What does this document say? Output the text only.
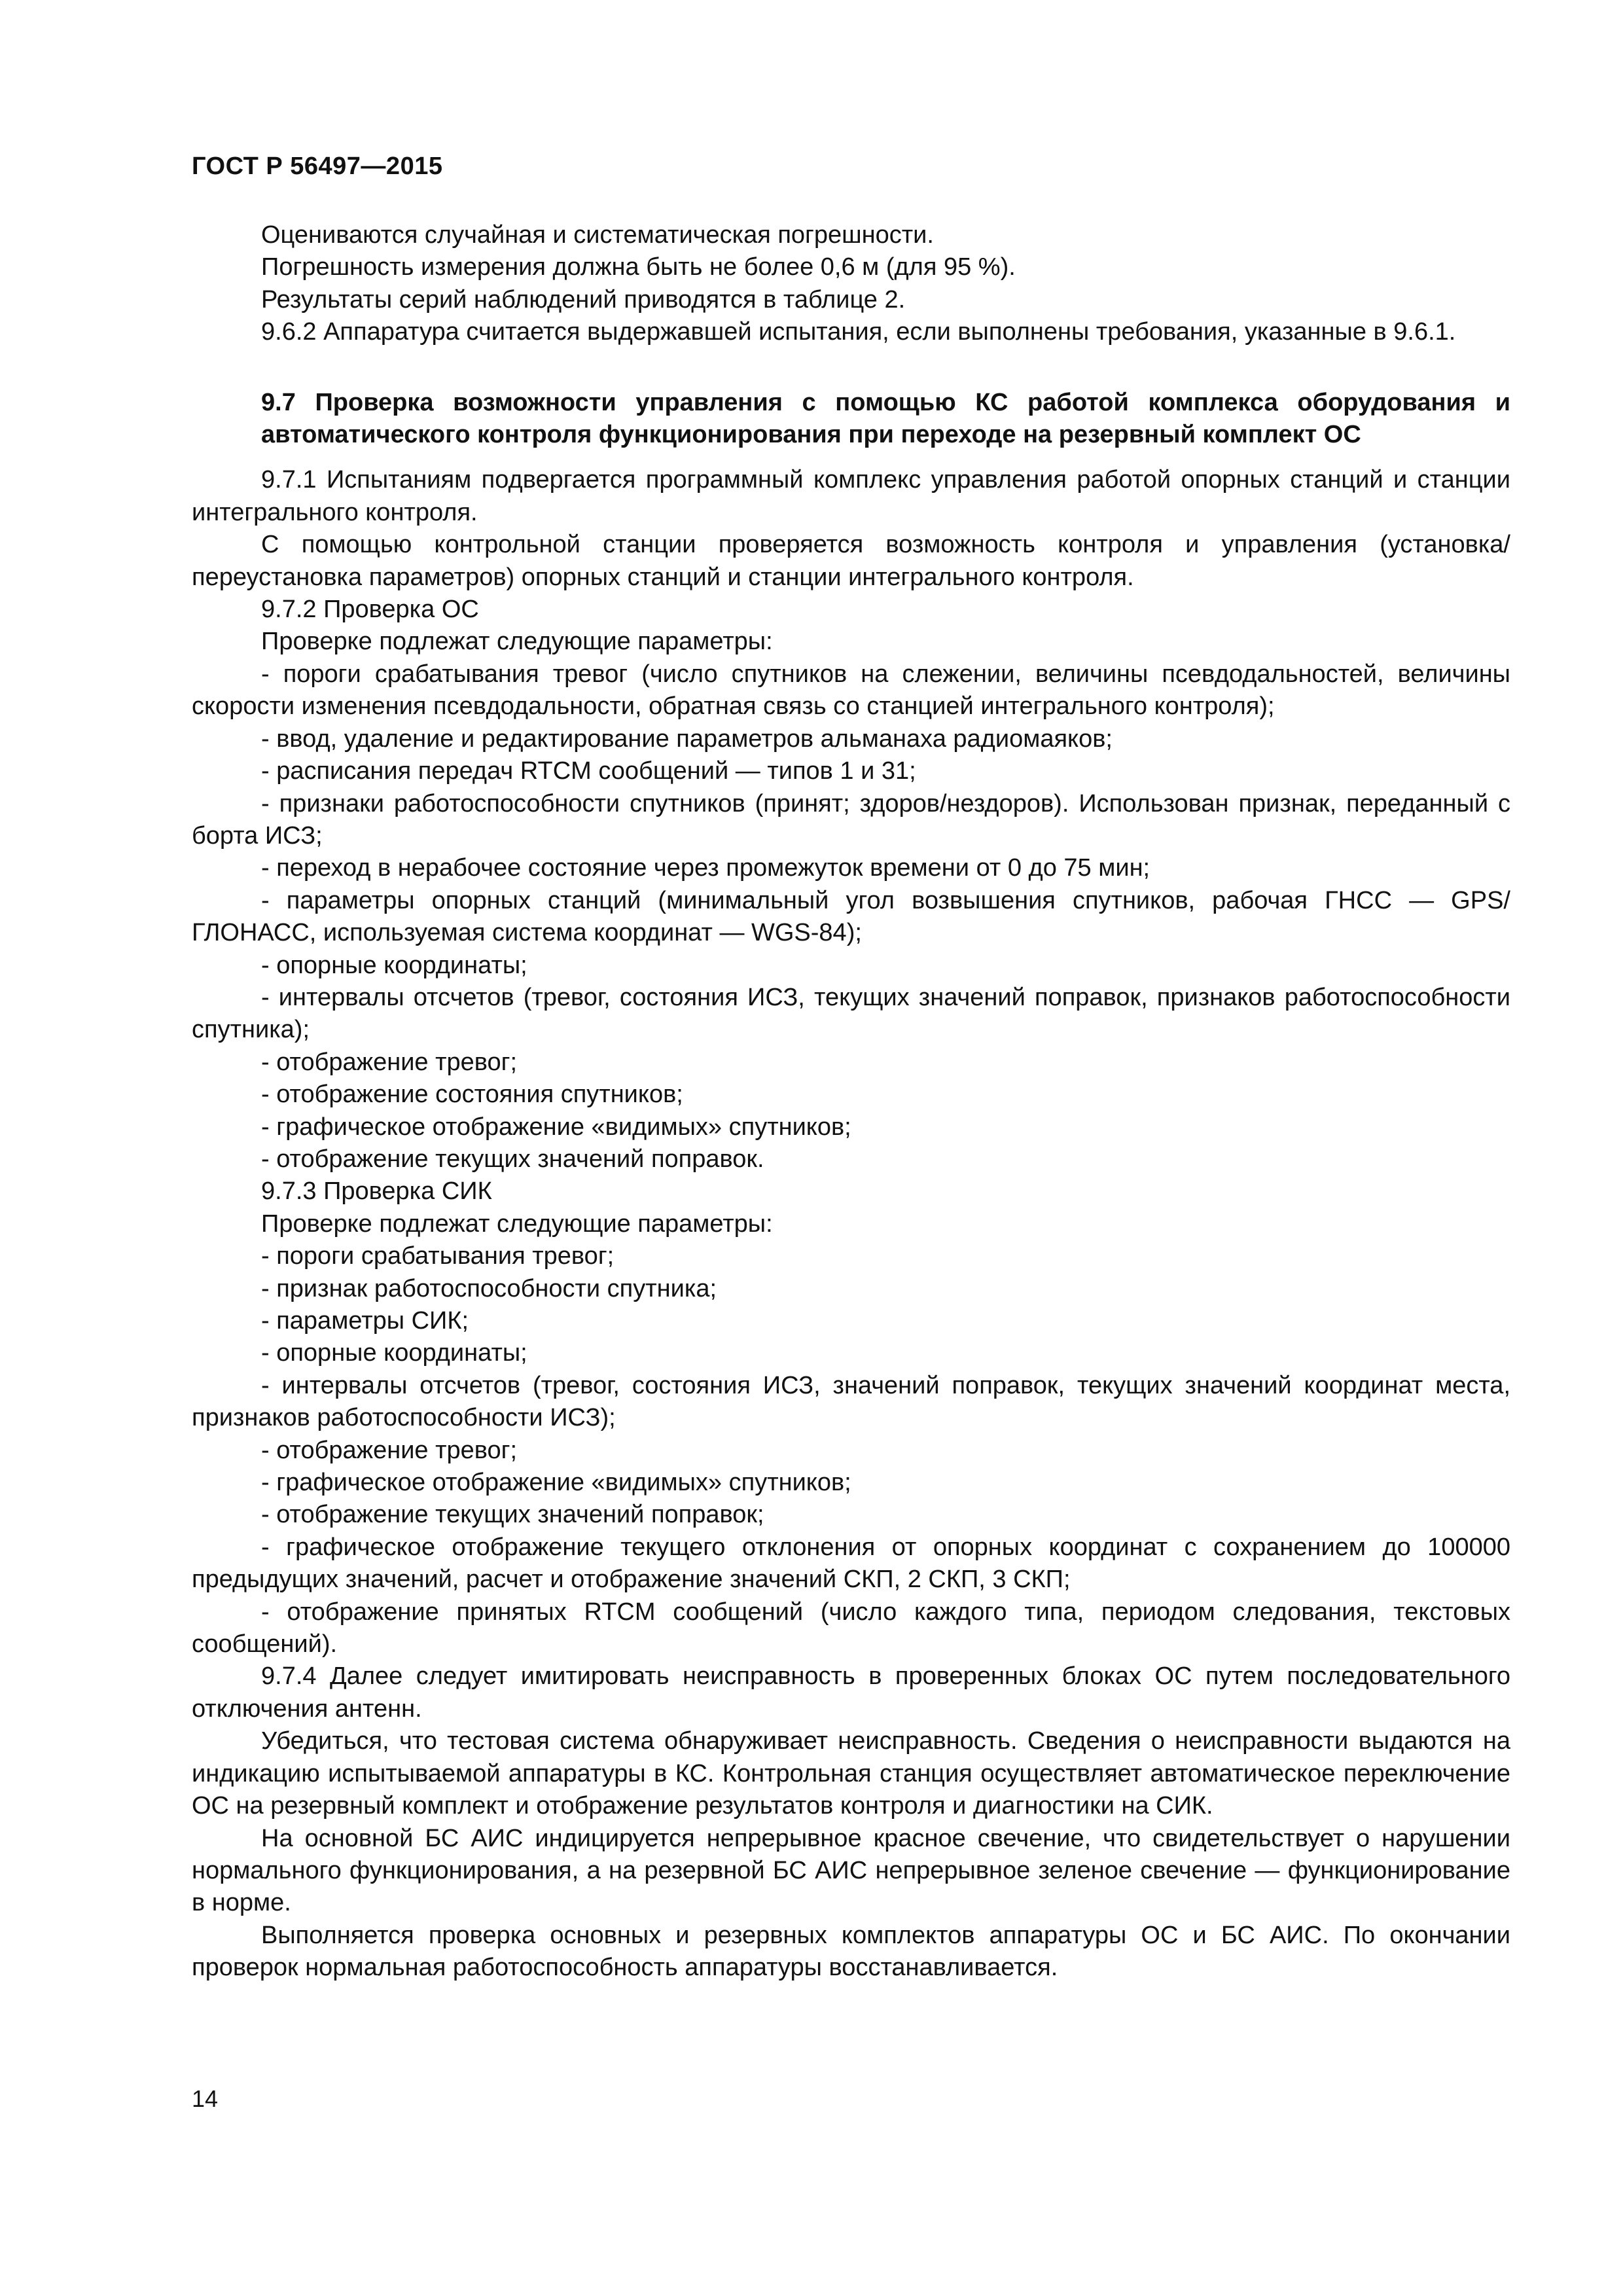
ГОСТ Р 56497—2015

Оцениваются случайная и систематическая погрешности.

Погрешность измерения должна быть не более 0,6 м (для 95 %).

Результаты серий наблюдений приводятся в таблице 2.

9.6.2 Аппаратура считается выдержавшей испытания, если выполнены требования, указанные в 9.6.1.

9.7 Проверка возможности управления с помощью КС работой комплекса оборудования и автоматического контроля функционирования при переходе на резервный комплект ОС

9.7.1 Испытаниям подвергается программный комплекс управления работой опорных станций и станции интегрального контроля.

С помощью контрольной станции проверяется возможность контроля и управления (установка/переустановка параметров) опорных станций и станции интегрального контроля.

9.7.2 Проверка ОС

Проверке подлежат следующие параметры:

- пороги срабатывания тревог (число спутников на слежении, величины псевдодальностей, величины скорости изменения псевдодальности, обратная связь со станцией интегрального контроля);

- ввод, удаление и редактирование параметров альманаха радиомаяков;

- расписания передач RTCM сообщений — типов 1 и 31;

- признаки работоспособности спутников (принят; здоров/нездоров). Использован признак, переданный с борта ИСЗ;

- переход в нерабочее состояние через промежуток времени от 0 до 75 мин;

- параметры опорных станций (минимальный угол возвышения спутников, рабочая ГНСС — GPS/ГЛОНАСС, используемая система координат — WGS-84);

- опорные координаты;

- интервалы отсчетов (тревог, состояния ИСЗ, текущих значений поправок, признаков работоспособности спутника);

- отображение тревог;

- отображение состояния спутников;

- графическое отображение «видимых» спутников;

- отображение текущих значений поправок.

9.7.3 Проверка СИК

Проверке подлежат следующие параметры:

- пороги срабатывания тревог;

- признак работоспособности спутника;

- параметры СИК;

- опорные координаты;

- интервалы отсчетов (тревог, состояния ИСЗ, значений поправок, текущих значений координат места, признаков работоспособности ИСЗ);

- отображение тревог;

- графическое отображение «видимых» спутников;

- отображение текущих значений поправок;

- графическое отображение текущего отклонения от опорных координат с сохранением до 100000 предыдущих значений, расчет и отображение значений СКП, 2 СКП, 3 СКП;

- отображение принятых RTCM сообщений (число каждого типа, периодом следования, текстовых сообщений).

9.7.4 Далее следует имитировать неисправность в проверенных блоках ОС путем последовательного отключения антенн.

Убедиться, что тестовая система обнаруживает неисправность. Сведения о неисправности выдаются на индикацию испытываемой аппаратуры в КС. Контрольная станция осуществляет автоматическое переключение ОС на резервный комплект и отображение результатов контроля и диагностики на СИК.

На основной БС АИС индицируется непрерывное красное свечение, что свидетельствует о нарушении нормального функционирования, а на резервной БС АИС непрерывное зеленое свечение — функционирование в норме.

Выполняется проверка основных и резервных комплектов аппаратуры ОС и БС АИС. По окончании проверок нормальная работоспособность аппаратуры восстанавливается.

14
